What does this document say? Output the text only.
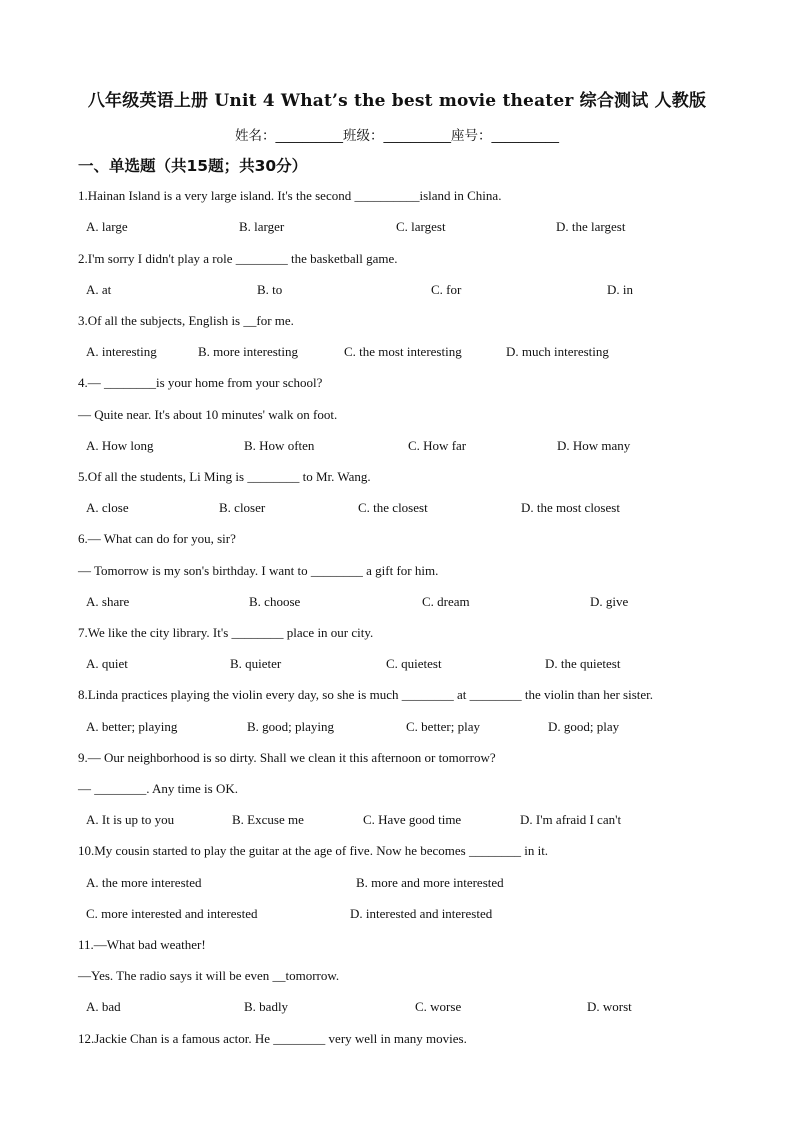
八年级英语上册 Unit 4 What’s the best movie theater 综合测试 人教版
姓名：__________班级：__________座号：__________
一、单选题（共15题；共30分）
1.Hainan Island is a very large island. It's the second __________island in China.
A. large	B. larger	C. largest	D. the largest
2.I'm sorry I didn't play a role ________ the basketball game.
A. at	B. to	C. for	D. in
3.Of all the subjects, English is __for me.
A. interesting	B. more interesting	C. the most interesting	D. much interesting
4.— ________is your home from your school?
— Quite near. It's about 10 minutes' walk on foot.
A. How long	B. How often	C. How far	D. How many
5.Of all the students, Li Ming is ________ to Mr. Wang.
A. close	B. closer	C. the closest	D. the most closest
6.— What can do for you, sir?
— Tomorrow is my son's birthday. I want to ________ a gift for him.
A. share	B. choose	C. dream	D. give
7.We like the city library. It's ________ place in our city.
A. quiet	B. quieter	C. quietest	D. the quietest
8.Linda practices playing the violin every day, so she is much ________ at ________ the violin than her sister.
A. better; playing	B. good; playing	C. better; play	D. good; play
9.— Our neighborhood is so dirty. Shall we clean it this afternoon or tomorrow?
— ________. Any time is OK.
A. It is up to you	B. Excuse me	C. Have good time	D. I'm afraid I can't
10.My cousin started to play the guitar at the age of five. Now he becomes ________ in it.
A. the more interested	B. more and more interested
C. more interested and interested	D. interested and interested
11.—What bad weather!
—Yes. The radio says it will be even __tomorrow.
A. bad	B. badly	C. worse	D. worst
12.Jackie Chan is a famous actor. He ________ very well in many movies.
